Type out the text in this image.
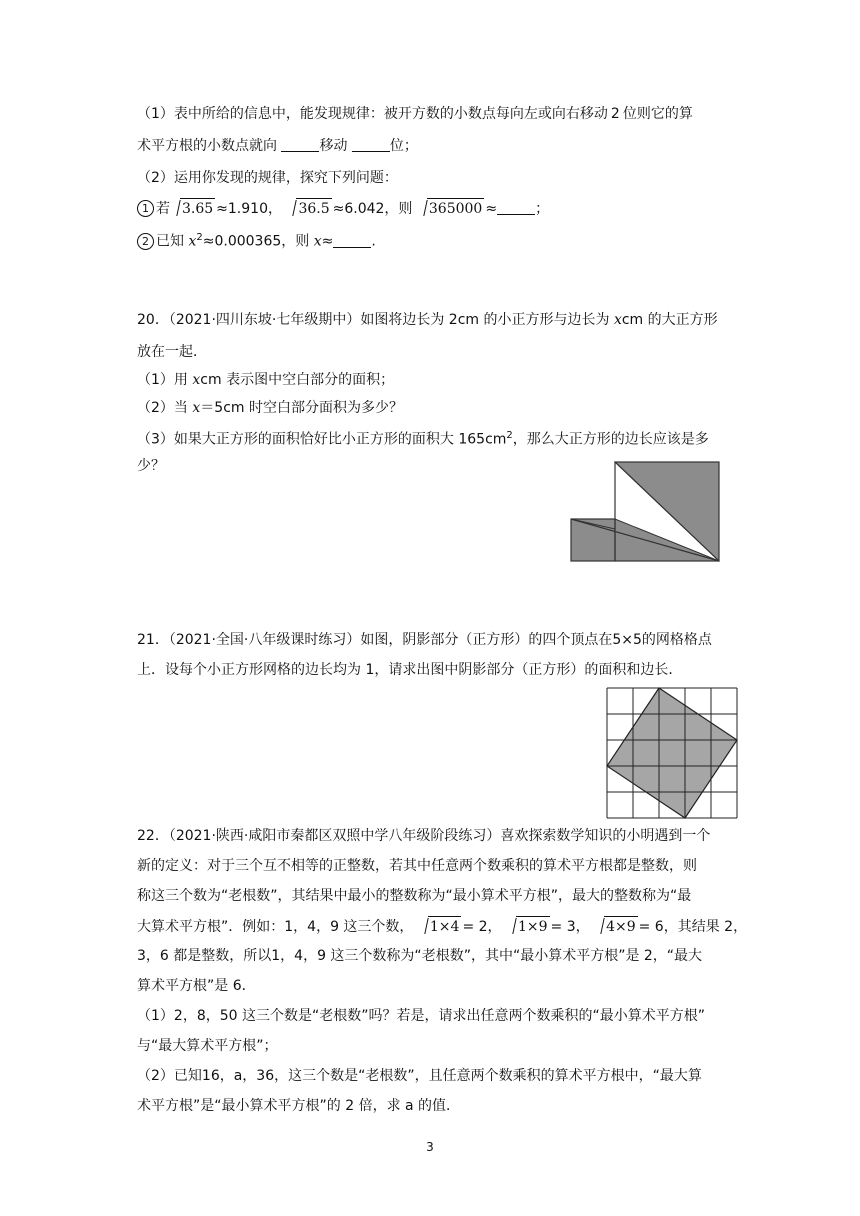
（1）表中所给的信息中，能发现规律：被开方数的小数点每向左或向右移动 2 位则它的算
术平方根的小数点就向	移动	位；
（2）运用你发现的规律，探究下列问题：
1 若 3.65 ≈1.910， 36.5 ≈6.042，则 365000 ≈	；
2 已知 $x^2\approx 0.000365$，则 x≈	.
20．（2021·四川东坡·七年级期中）如图将边长为 2cm 的小正方形与边长为 xcm 的大正方形
放在一起．
（1）用 xcm 表示图中空白部分的面积；
（2）当 x＝5cm 时空白部分面积为多少？
（3）如果大正方形的面积恰好比小正方形的面积大 $165cm^2$，那么大正方形的边长应该是多
少？
21．（2021·全国·八年级课时练习）如图，阴影部分（正方形）的四个顶点在5×5的网格格点
上．设每个小正方形网格的边长均为 1，请求出图中阴影部分（正方形）的面积和边长．
22．（2021·陕西·咸阳市秦都区双照中学八年级阶段练习）喜欢探索数学知识的小明遇到一个
新的定义：对于三个互不相等的正整数，若其中任意两个数乘积的算术平方根都是整数，则
称这三个数为“老根数”，其结果中最小的整数称为“最小算术平方根”，最大的整数称为“最
大算术平方根”．例如：1，4，9 这三个数， 1×4 = 2， 1×9 = 3， 4×9 = 6，其结果 2，
3，6 都是整数，所以1，4，9 这三个数称为“老根数”，其中“最小算术平方根”是 2，“最大
算术平方根”是 6．
（1）2，8，50 这三个数是“老根数”吗？若是，请求出任意两个数乘积的“最小算术平方根”
与“最大算术平方根”；
（2）已知16，a，36，这三个数是“老根数”，且任意两个数乘积的算术平方根中，“最大算
术平方根”是“最小算术平方根”的 2 倍，求 a 的值．
3
